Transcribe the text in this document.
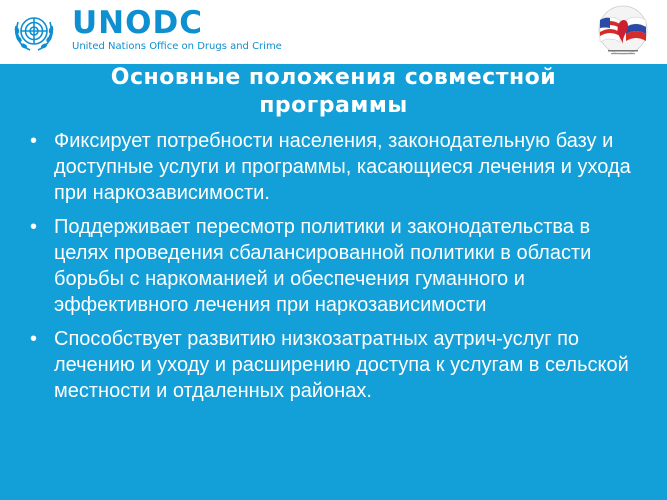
UNODC
United Nations Office on Drugs and Crime
Основные положения совместной
программы
• Фиксирует потребности населения, законодательную базу и доступные услуги и программы, касающиеся лечения и ухода при наркозависимости.
• Поддерживает пересмотр политики и законодательства в целях проведения сбалансированной политики в области борьбы с наркоманией и обеспечения гуманного и эффективного лечения при наркозависимости
• Способствует развитию низкозатратных аутрич-услуг по лечению и уходу и расширению доступа к услугам в сельской местности и отдаленных районах.
